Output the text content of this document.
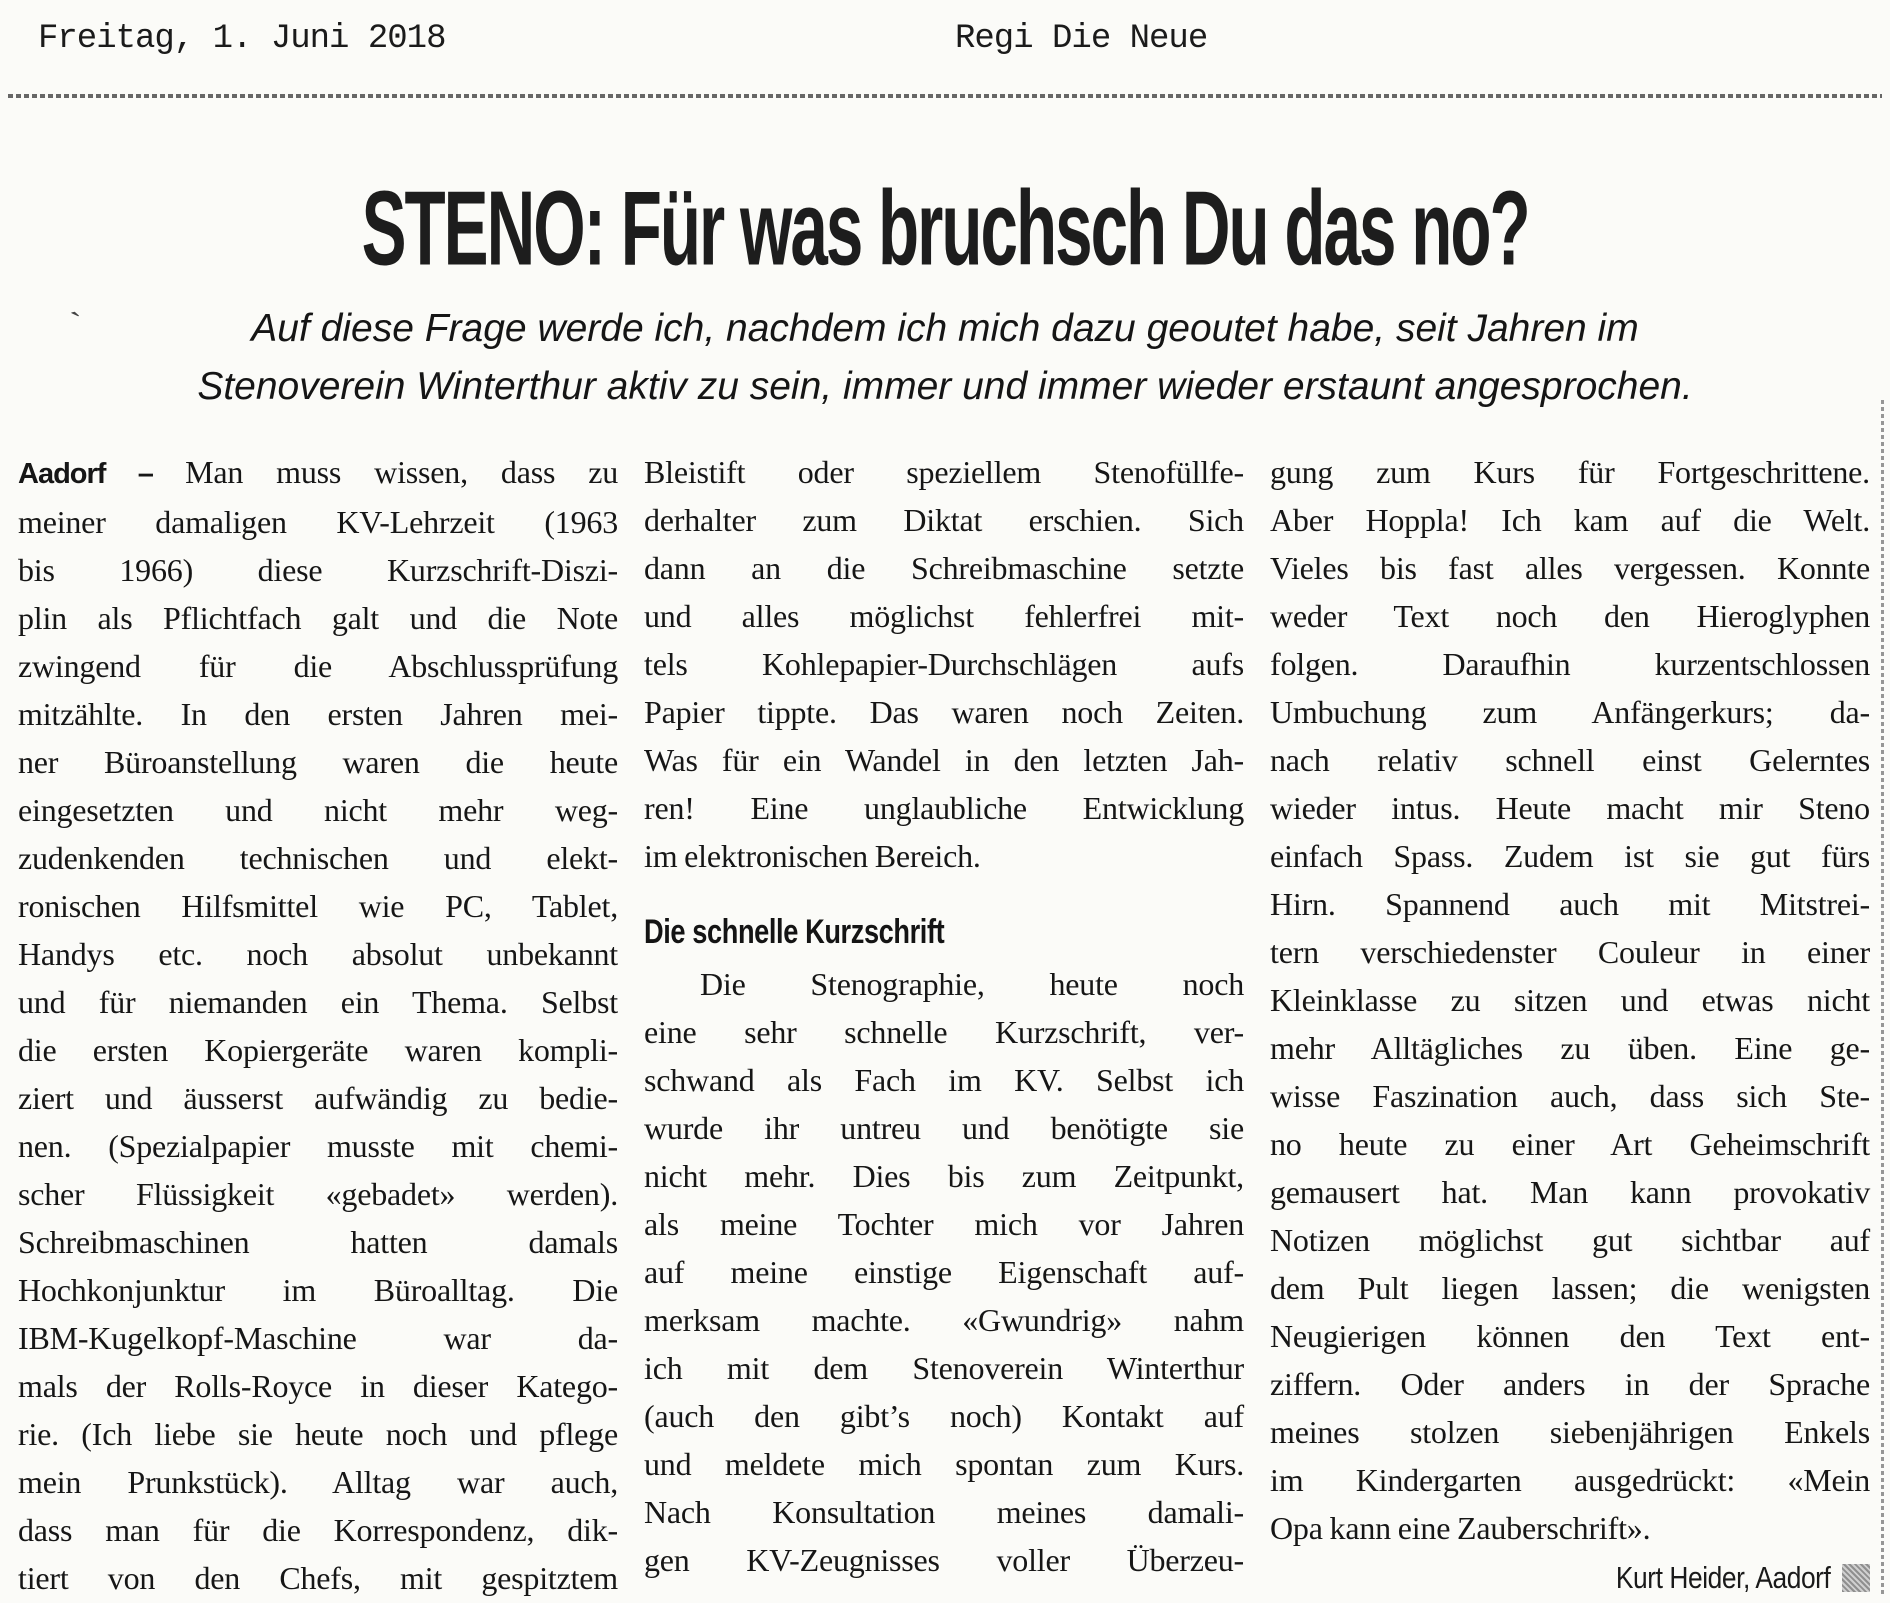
Freitag, 1. Juni 2018	Regi Die Neue
STENO: Für was bruchsch Du das no?
ˋ	Auf diese Frage werde ich, nachdem ich mich dazu geoutet habe, seit Jahren im
Stenoverein Winterthur aktiv zu sein, immer und immer wieder erstaunt angesprochen.
Aadorf – Man muss wissen, dass zu
meiner damaligen KV-Lehrzeit (1963
bis 1966) diese Kurzschrift-Diszi-
plin als Pflichtfach galt und die Note
zwingend für die Abschlussprüfung
mitzählte. In den ersten Jahren mei-
ner Büroanstellung waren die heute
eingesetzten und nicht mehr weg-
zudenkenden technischen und elekt-
ronischen Hilfsmittel wie PC, Tablet,
Handys etc. noch absolut unbekannt
und für niemanden ein Thema. Selbst
die ersten Kopiergeräte waren kompli-
ziert und äusserst aufwändig zu bedie-
nen. (Spezialpapier musste mit chemi-
scher Flüssigkeit «gebadet» werden).
Schreibmaschinen hatten damals
Hochkonjunktur im Büroalltag. Die
IBM-Kugelkopf-Maschine war da-
mals der Rolls-Royce in dieser Katego-
rie. (Ich liebe sie heute noch und pflege
mein Prunkstück). Alltag war auch,
dass man für die Korrespondenz, dik-
tiert von den Chefs, mit gespitztem
Bleistift oder speziellem Stenofüllfe-
derhalter zum Diktat erschien. Sich
dann an die Schreibmaschine setzte
und alles möglichst fehlerfrei mit-
tels Kohlepapier-Durchschlägen aufs
Papier tippte. Das waren noch Zeiten.
Was für ein Wandel in den letzten Jah-
ren! Eine unglaubliche Entwicklung
im elektronischen Bereich.
Die schnelle Kurzschrift
Die Stenographie, heute noch
eine sehr schnelle Kurzschrift, ver-
schwand als Fach im KV. Selbst ich
wurde ihr untreu und benötigte sie
nicht mehr. Dies bis zum Zeitpunkt,
als meine Tochter mich vor Jahren
auf meine einstige Eigenschaft auf-
merksam machte. «Gwundrig» nahm
ich mit dem Stenoverein Winterthur
(auch den gibt’s noch) Kontakt auf
und meldete mich spontan zum Kurs.
Nach Konsultation meines damali-
gen KV-Zeugnisses voller Überzeu-
gung zum Kurs für Fortgeschrittene.
Aber Hoppla! Ich kam auf die Welt.
Vieles bis fast alles vergessen. Konnte
weder Text noch den Hieroglyphen
folgen. Daraufhin kurzentschlossen
Umbuchung zum Anfängerkurs; da-
nach relativ schnell einst Gelerntes
wieder intus. Heute macht mir Steno
einfach Spass. Zudem ist sie gut fürs
Hirn. Spannend auch mit Mitstrei-
tern verschiedenster Couleur in einer
Kleinklasse zu sitzen und etwas nicht
mehr Alltägliches zu üben. Eine ge-
wisse Faszination auch, dass sich Ste-
no heute zu einer Art Geheimschrift
gemausert hat. Man kann provokativ
Notizen möglichst gut sichtbar auf
dem Pult liegen lassen; die wenigsten
Neugierigen können den Text ent-
ziffern. Oder anders in der Sprache
meines stolzen siebenjährigen Enkels
im Kindergarten ausgedrückt: «Mein
Opa kann eine Zauberschrift».
Kurt Heider, Aadorf
